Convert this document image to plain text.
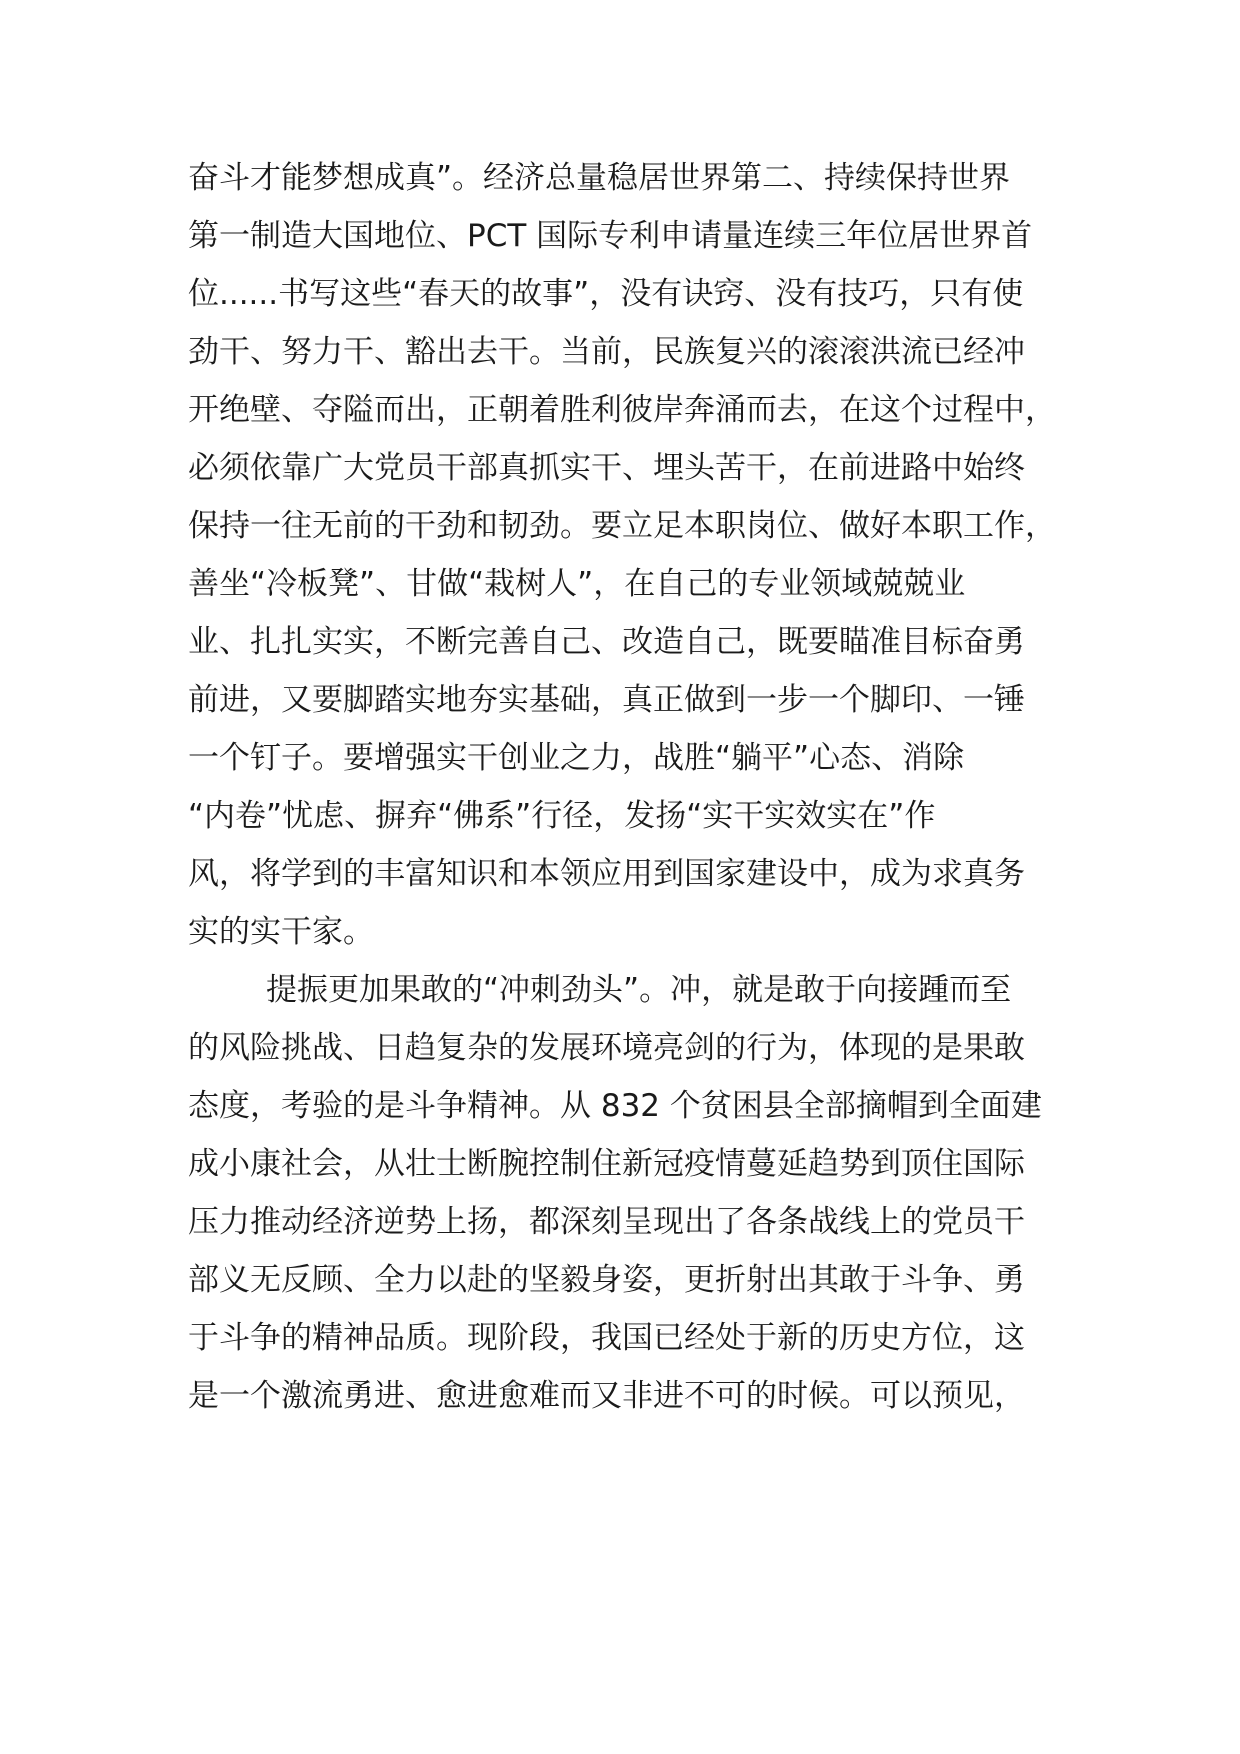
奋斗才能梦想成真”。经济总量稳居世界第二、持续保持世界

第一制造大国地位、PCT 国际专利申请量连续三年位居世界首

位......书写这些“春天的故事”，没有诀窍、没有技巧，只有使

劲干、努力干、豁出去干。当前，民族复兴的滚滚洪流已经冲

开绝壁、夺隘而出，正朝着胜利彼岸奔涌而去，在这个过程中，

必须依靠广大党员干部真抓实干、埋头苦干，在前进路中始终

保持一往无前的干劲和韧劲。要立足本职岗位、做好本职工作，

善坐“冷板凳”、甘做“栽树人”，在自己的专业领域兢兢业

业、扎扎实实，不断完善自己、改造自己，既要瞄准目标奋勇

前进，又要脚踏实地夯实基础，真正做到一步一个脚印、一锤

一个钉子。要增强实干创业之力，战胜“躺平”心态、消除

“内卷”忧虑、摒弃“佛系”行径，发扬“实干实效实在”作

风，将学到的丰富知识和本领应用到国家建设中，成为求真务

实的实干家。

提振更加果敢的“冲刺劲头”。冲，就是敢于向接踵而至

的风险挑战、日趋复杂的发展环境亮剑的行为，体现的是果敢

态度，考验的是斗争精神。从 832 个贫困县全部摘帽到全面建

成小康社会，从壮士断腕控制住新冠疫情蔓延趋势到顶住国际

压力推动经济逆势上扬，都深刻呈现出了各条战线上的党员干

部义无反顾、全力以赴的坚毅身姿，更折射出其敢于斗争、勇

于斗争的精神品质。现阶段，我国已经处于新的历史方位，这

是一个激流勇进、愈进愈难而又非进不可的时候。可以预见，
